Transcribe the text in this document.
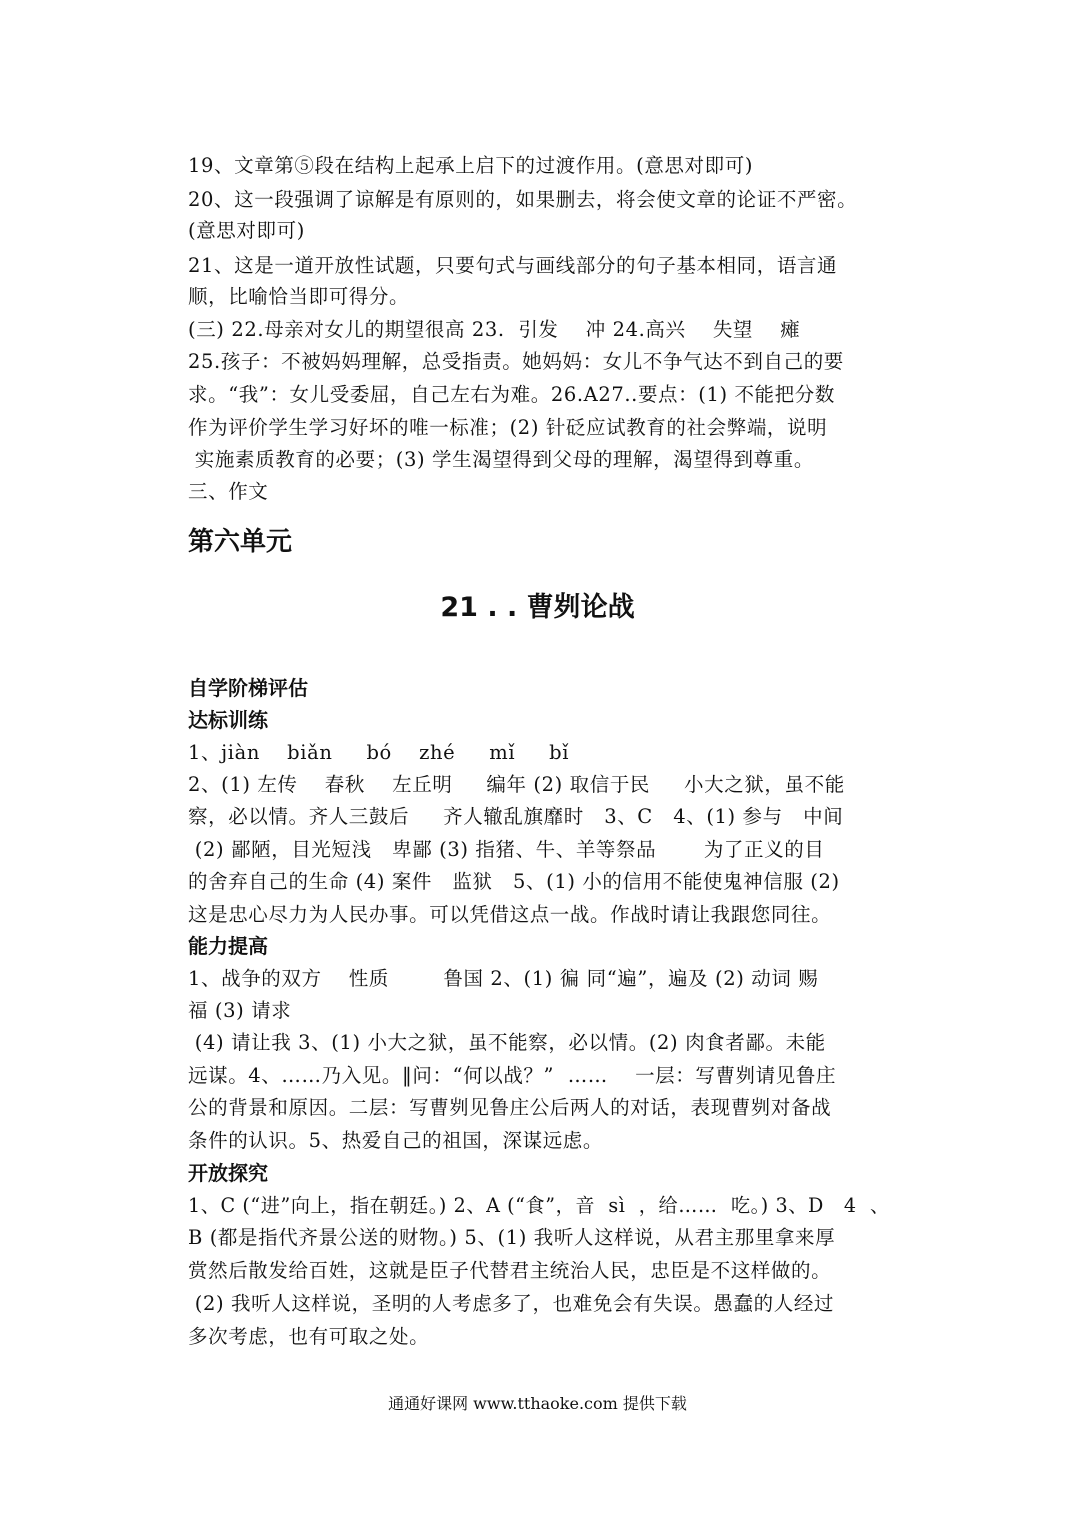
19、文章第⑤段在结构上起承上启下的过渡作用。(意思对即可)
20、这一段强调了谅解是有原则的，如果删去，将会使文章的论证不严密。
(意思对即可)
21、这是一道开放性试题，只要句式与画线部分的句子基本相同，语言通
顺，比喻恰当即可得分。
(三) 22.母亲对女儿的期望很高 23.  引发    冲 24.高兴    失望    瘫
25.孩子：不被妈妈理解，总受指责。她妈妈：女儿不争气达不到自己的要
求。“我”：女儿受委屈，自己左右为难。26.A27..要点：(1) 不能把分数
作为评价学生学习好坏的唯一标准；(2) 针砭应试教育的社会弊端，说明
实施素质教育的必要；(3) 学生渴望得到父母的理解，渴望得到尊重。
三、作文
第六单元
21 . . 曹刿论战
自学阶梯评估
达标训练
1、jiàn    biǎn     bó    zhé     mǐ     bǐ
2、(1) 左传    春秋    左丘明     编年 (2) 取信于民     小大之狱，虽不能
察，必以情。齐人三鼓后     齐人辙乱旗靡时   3、C   4、(1) 参与   中间
(2) 鄙陋，目光短浅   卑鄙 (3) 指猪、牛、羊等祭品       为了正义的目
的舍弃自己的生命 (4) 案件   监狱   5、(1) 小的信用不能使鬼神信服 (2)
这是忠心尽力为人民办事。可以凭借这点一战。作战时请让我跟您同往。
能力提高
1、战争的双方    性质        鲁国 2、(1) 徧 同“遍”，遍及 (2) 动词 赐
福 (3) 请求
(4) 请让我 3、(1) 小大之狱，虽不能察，必以情。(2) 肉食者鄙。未能
远谋。4、……乃入见。‖问：“何以战？”  ……    一层：写曹刿请见鲁庄
公的背景和原因。二层：写曹刿见鲁庄公后两人的对话，表现曹刿对备战
条件的认识。5、热爱自己的祖国，深谋远虑。
开放探究
1、C (“进”向上，指在朝廷。) 2、A (“食”，音  sì  ，给……  吃。) 3、D   4  、
B (都是指代齐景公送的财物。) 5、(1) 我听人这样说，从君主那里拿来厚
赏然后散发给百姓，这就是臣子代替君主统治人民，忠臣是不这样做的。
(2) 我听人这样说，圣明的人考虑多了，也难免会有失误。愚蠢的人经过
多次考虑，也有可取之处。
通通好课网 www.tthaoke.com 提供下载
